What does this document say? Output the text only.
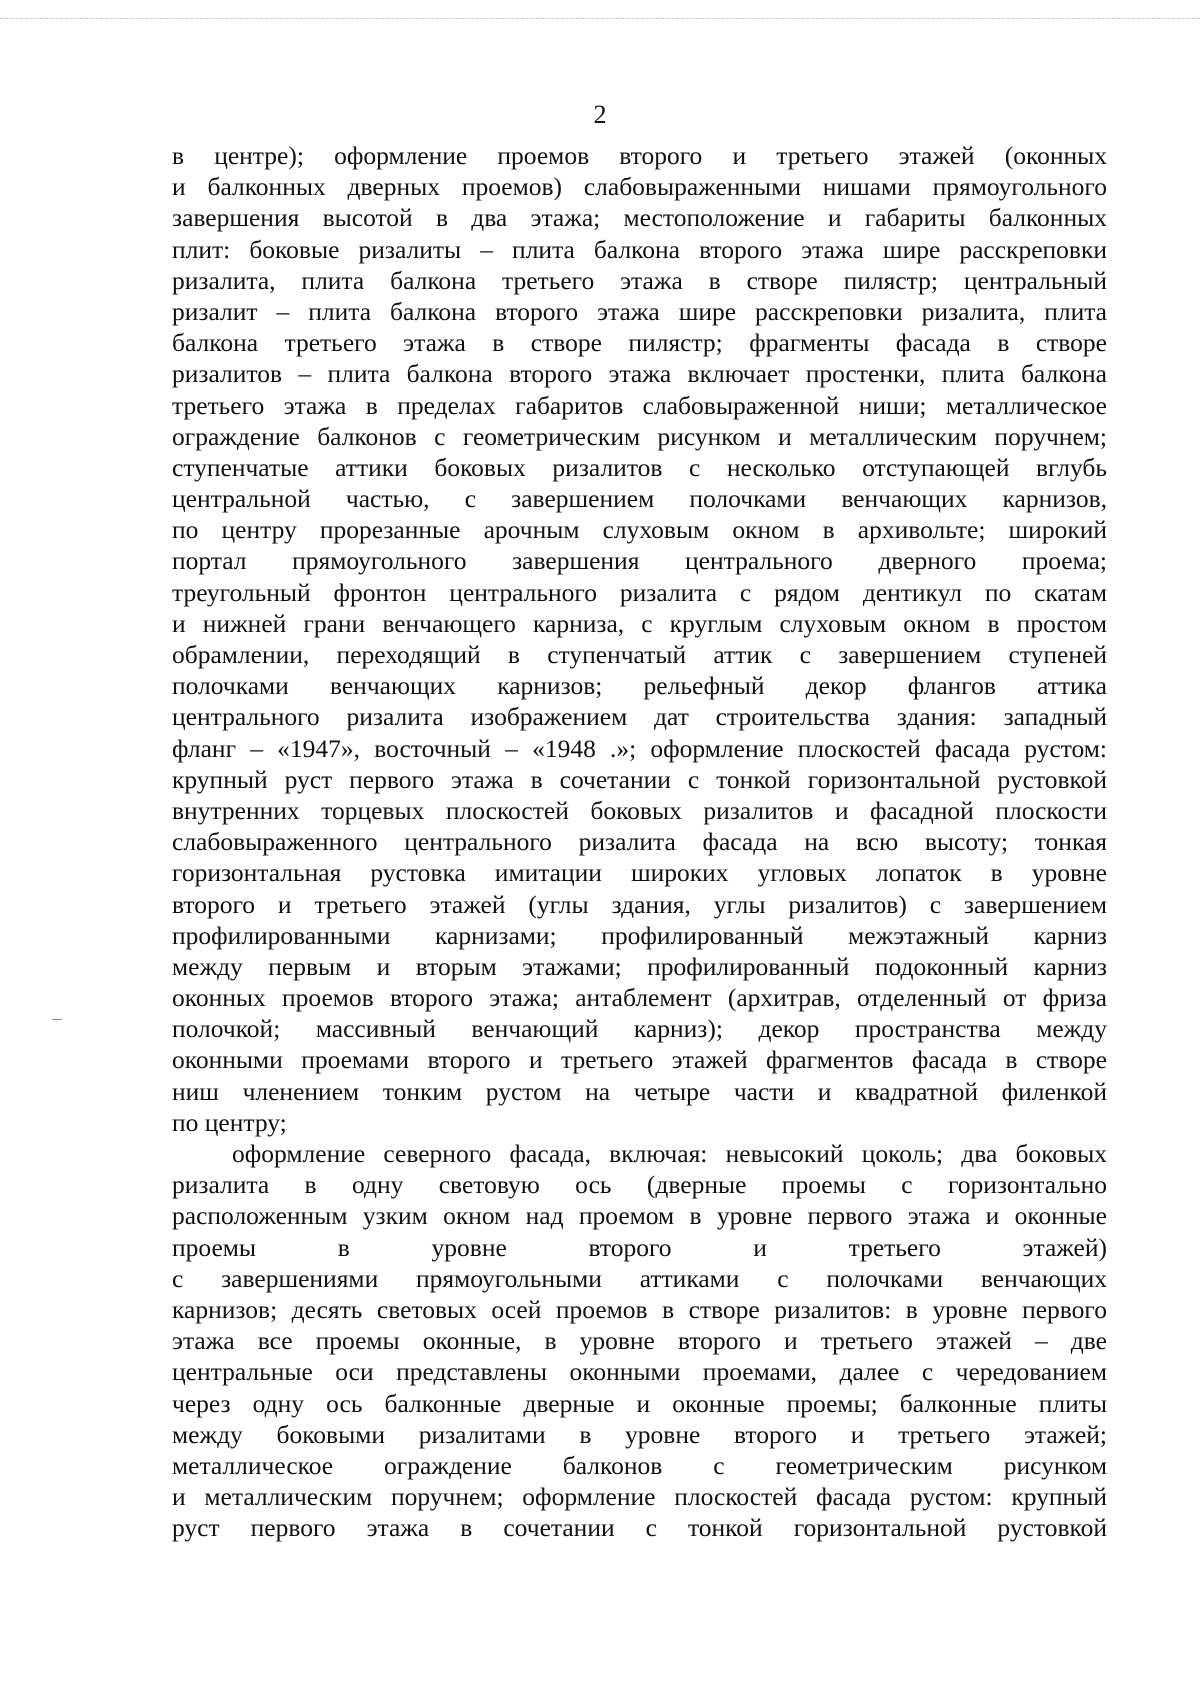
2
в центре); оформление проемов второго и третьего этажей (оконных
и балконных дверных проемов) слабовыраженными нишами прямоугольного
завершения высотой в два этажа; местоположение и габариты балконных
плит: боковые ризалиты – плита балкона второго этажа шире расскреповки
ризалита, плита балкона третьего этажа в створе пилястр; центральный
ризалит – плита балкона второго этажа шире расскреповки ризалита, плита
балкона третьего этажа в створе пилястр; фрагменты фасада в створе
ризалитов – плита балкона второго этажа включает простенки, плита балкона
третьего этажа в пределах габаритов слабовыраженной ниши; металлическое
ограждение балконов с геометрическим рисунком и металлическим поручнем;
ступенчатые аттики боковых ризалитов с несколько отступающей вглубь
центральной частью, с завершением полочками венчающих карнизов,
по центру прорезанные арочным слуховым окном в архивольте; широкий
портал прямоугольного завершения центрального дверного проема;
треугольный фронтон центрального ризалита с рядом дентикул по скатам
и нижней грани венчающего карниза, с круглым слуховым окном в простом
обрамлении, переходящий в ступенчатый аттик с завершением ступеней
полочками венчающих карнизов; рельефный декор флангов аттика
центрального ризалита изображением дат строительства здания: западный
фланг – «1947», восточный – «1948 .»; оформление плоскостей фасада рустом:
крупный руст первого этажа в сочетании с тонкой горизонтальной рустовкой
внутренних торцевых плоскостей боковых ризалитов и фасадной плоскости
слабовыраженного центрального ризалита фасада на всю высоту; тонкая
горизонтальная рустовка имитации широких угловых лопаток в уровне
второго и третьего этажей (углы здания, углы ризалитов) с завершением
профилированными карнизами; профилированный межэтажный карниз
между первым и вторым этажами; профилированный подоконный карниз
оконных проемов второго этажа; антаблемент (архитрав, отделенный от фриза
полочкой; массивный венчающий карниз); декор пространства между
оконными проемами второго и третьего этажей фрагментов фасада в створе
ниш членением тонким рустом на четыре части и квадратной филенкой
по центру;
оформление северного фасада, включая: невысокий цоколь; два боковых
ризалита в одну световую ось (дверные проемы с горизонтально
расположенным узким окном над проемом в уровне первого этажа и оконные
проемы в уровне второго и третьего этажей)
с завершениями прямоугольными аттиками с полочками венчающих
карнизов; десять световых осей проемов в створе ризалитов: в уровне первого
этажа все проемы оконные, в уровне второго и третьего этажей – две
центральные оси представлены оконными проемами, далее с чередованием
через одну ось балконные дверные и оконные проемы; балконные плиты
между боковыми ризалитами в уровне второго и третьего этажей;
металлическое ограждение балконов с геометрическим рисунком
и металлическим поручнем; оформление плоскостей фасада рустом: крупный
руст первого этажа в сочетании с тонкой горизонтальной рустовкой
